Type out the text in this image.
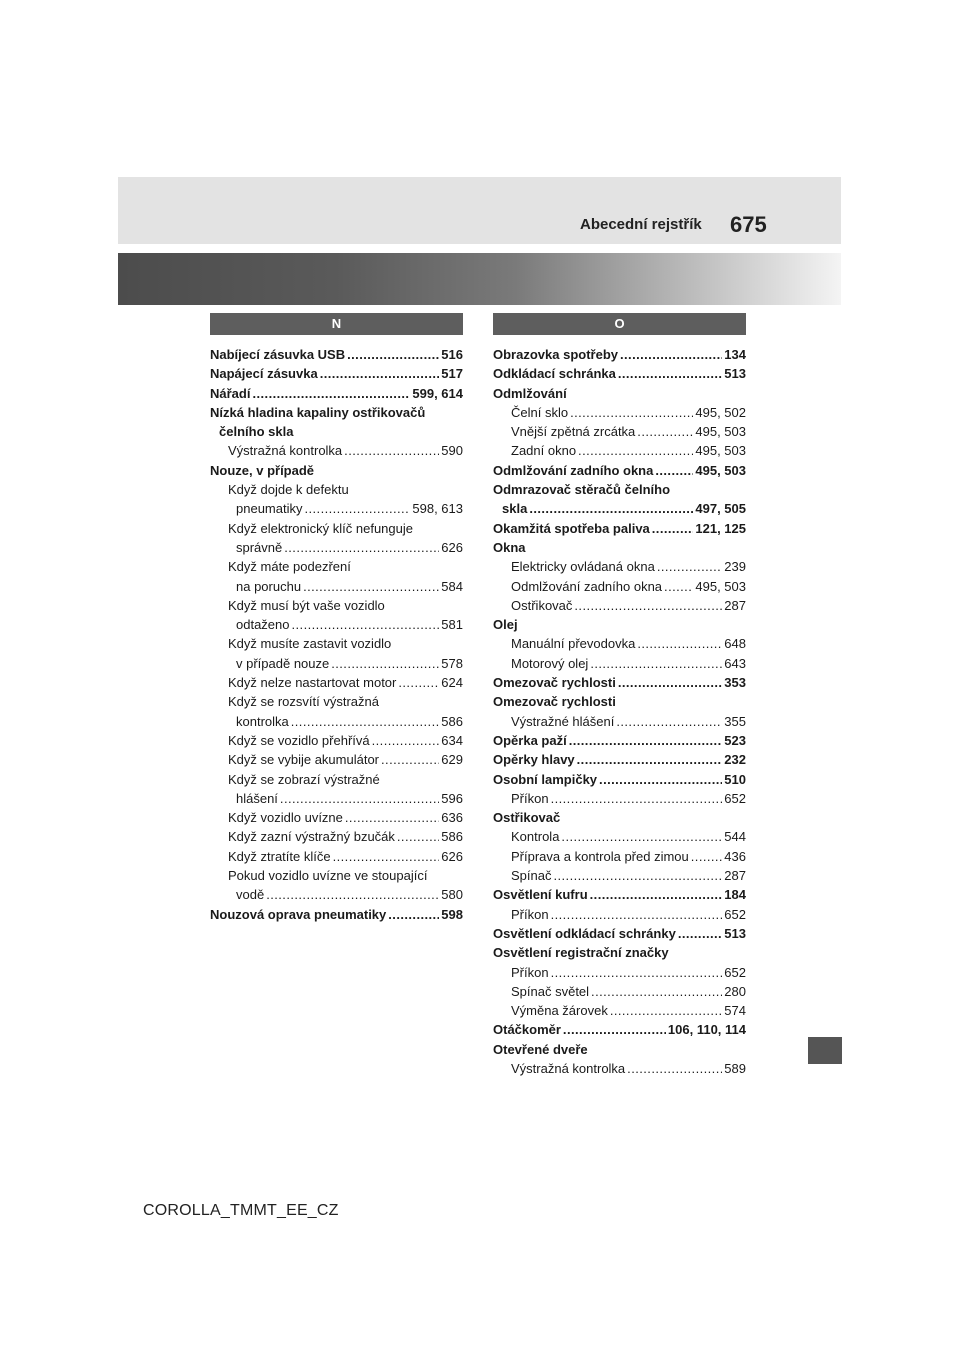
Abecední rejstřík 675
N
Nabíjecí zásuvka USB . . .	516
Napájecí zásuvka . . .	517
Nářadí . . .	599, 614
Nízká hladina kapaliny ostřikovačů
čelního skla
Výstražná kontrolka . . .	590
Nouze, v případě
Když dojde k defektu
pneumatiky . . .	598, 613
Když elektronický klíč nefunguje
správně . . .	626
Když máte podezření
na poruchu . . .	584
Když musí být vaše vozidlo
odtaženo . . .	581
Když musíte zastavit vozidlo
v případě nouze . . .	578
Když nelze nastartovat motor . . .	624
Když se rozsvítí výstražná
kontrolka . . .	586
Když se vozidlo přehřívá . . .	634
Když se vybije akumulátor . . .	629
Když se zobrazí výstražné
hlášení . . .	596
Když vozidlo uvízne . . .	636
Když zazní výstražný bzučák . . .	586
Když ztratíte klíče . . .	626
Pokud vozidlo uvízne ve stoupající
vodě . . .	580
Nouzová oprava pneumatiky . . .	598
O
Obrazovka spotřeby . . .	134
Odkládací schránka . . .	513
Odmlžování
Čelní sklo . . .	495, 502
Vnější zpětná zrcátka . . .	495, 503
Zadní okno . . .	495, 503
Odmlžování zadního okna . . .	495, 503
Odmrazovač stěračů čelního
skla . . .	497, 505
Okamžitá spotřeba paliva . . .	121, 125
Okna
Elektricky ovládaná okna . . .	239
Odmlžování zadního okna . . .	495, 503
Ostřikovač . . .	287
Olej
Manuální převodovka . . .	648
Motorový olej . . .	643
Omezovač rychlosti . . .	353
Omezovač rychlosti
Výstražné hlášení . . .	355
Opěrka paží . . .	523
Opěrky hlavy . . .	232
Osobní lampičky . . .	510
Příkon . . .	652
Ostřikovač
Kontrola . . .	544
Příprava a kontrola před zimou . . .	436
Spínač . . .	287
Osvětlení kufru . . .	184
Příkon . . .	652
Osvětlení odkládací schránky . . .	513
Osvětlení registrační značky
Příkon . . .	652
Spínač světel . . .	280
Výměna žárovek . . .	574
Otáčkoměr . . .	106, 110, 114
Otevřené dveře
Výstražná kontrolka . . .	589
COROLLA_TMMT_EE_CZ
